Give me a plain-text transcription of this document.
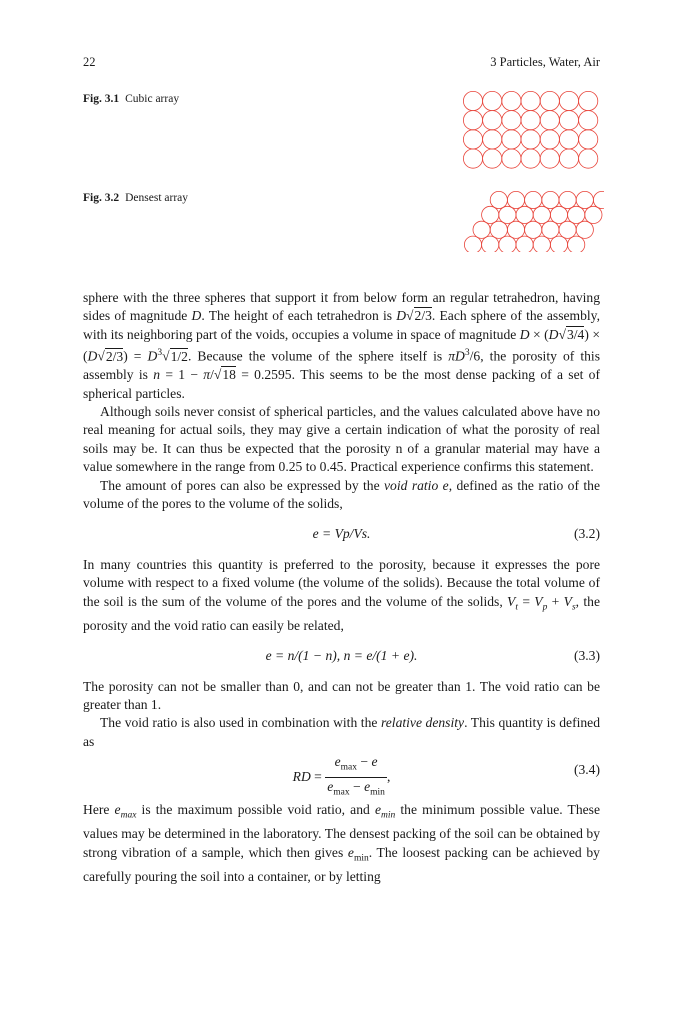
22	3 Particles, Water, Air
Fig. 3.1 Cubic array
Fig. 3.2 Densest array

sphere with the three spheres that support it from below form an regular tetrahedron, having sides of magnitude D. The height of each tetrahedron is D√2/3. Each sphere of the assembly, with its neighboring part of the voids, occupies a volume in space of magnitude $D \times (D√3/4) \times (D√2/3) = D^3√1/2$. Because the volume of the sphere itself is $\pi D^3/6$, the porosity of this assembly is n = 1 − π/√18 = 0.2595. This seems to be the most dense packing of a set of spherical particles.

Although soils never consist of spherical particles, and the values calculated above have no real meaning for actual soils, they may give a certain indication of what the porosity of real soils may be. It can thus be expected that the porosity n of a granular material may have a value somewhere in the range from 0.25 to 0.45. Practical experience confirms this statement.

The amount of pores can also be expressed by the void ratio e, defined as the ratio of the volume of the pores to the volume of the solids,

e = Vp/Vs.	(3.2)

In many countries this quantity is preferred to the porosity, because it expresses the pore volume with respect to a fixed volume (the volume of the solids). Because the total volume of the soil is the sum of the volume of the pores and the volume of the solids, $V_t = V_p + V_s$, the porosity and the void ratio can easily be related,

e = n/(1 − n), n = e/(1 + e).	(3.3)

The porosity can not be smaller than 0, and can not be greater than 1. The void ratio can be greater than 1.

The void ratio is also used in combination with the relative density. This quantity is defined as

RD = $\frac{e_{max} - e}{e_{max} - e_{min}}$ ,	(3.4)

Here $e_{max}$ is the maximum possible void ratio, and $e_{min}$ the minimum possible value. These values may be determined in the laboratory. The densest packing of the soil can be obtained by strong vibration of a sample, which then gives $e_{min}$. The loosest packing can be achieved by carefully pouring the soil into a container, or by letting
